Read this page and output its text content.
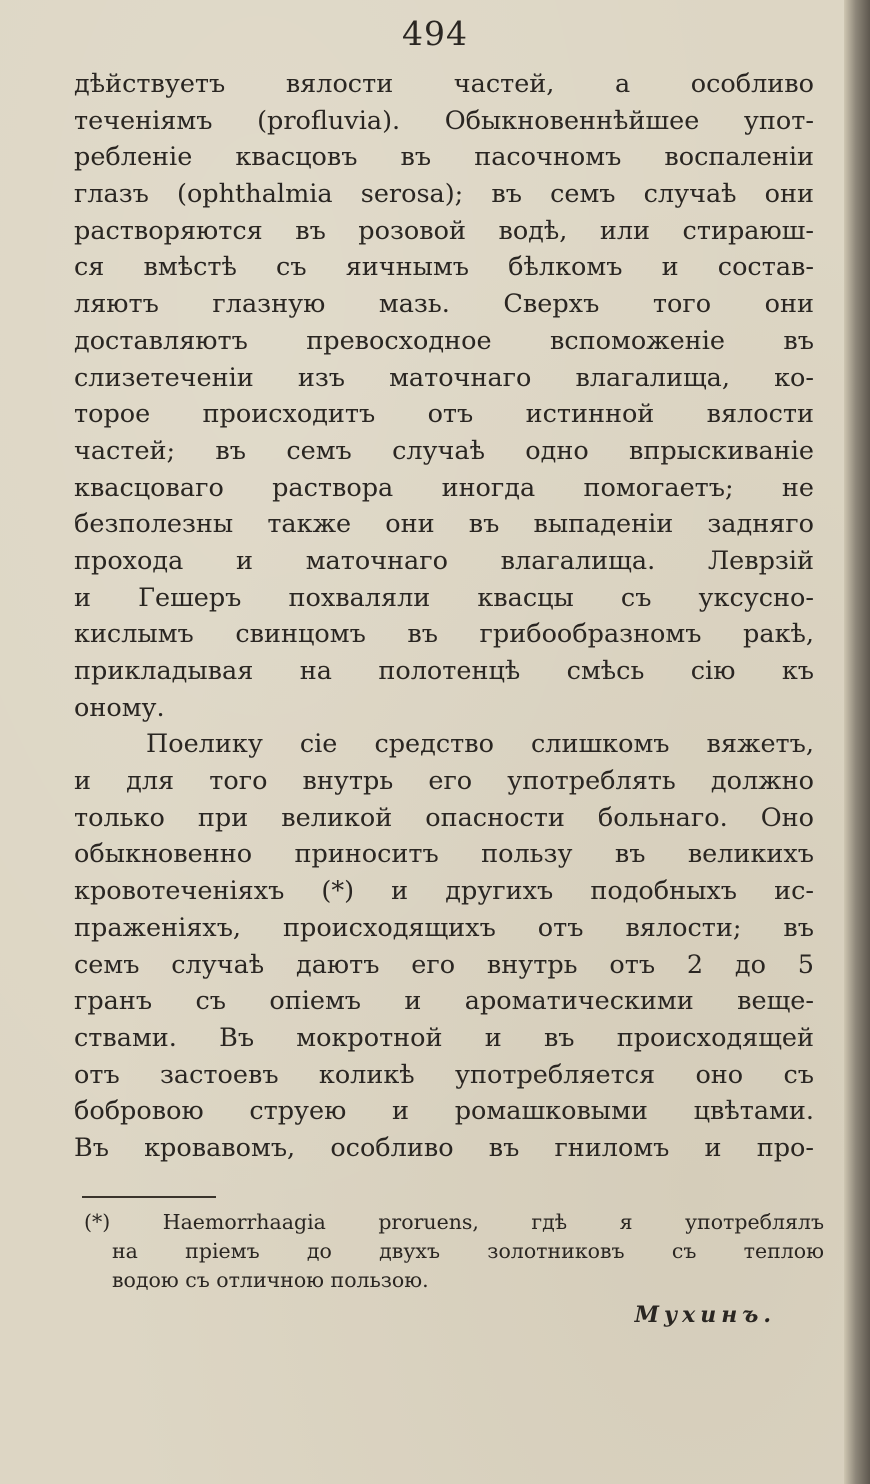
494
дѣйствуетъ вялости частей, а особливо
теченіямъ (profluvia). Обыкновеннѣйшее упот-
ребленіе квасцовъ въ пасочномъ воспаленіи
глазъ (ophthalmia serosa); въ семъ случаѣ они
растворяются въ розовой водѣ, или стираюш-
ся вмѣстѣ съ яичнымъ бѣлкомъ и состав-
ляютъ глазную мазь. Сверхъ того они
доставляютъ превосходное вспоможеніе въ
слизетеченіи изъ маточнаго влагалища, ко-
торое происходитъ отъ истинной вялости
частей; въ семъ случаѣ одно впрыскиваніе
квасцоваго раствора иногда помогаетъ; не
безполезны также они въ выпаденіи задняго
прохода и маточнаго влагалища. Леврзій
и Гешеръ похваляли квасцы съ уксусно-
кислымъ свинцомъ въ грибообразномъ ракѣ,
прикладывая на полотенцѣ смѣсь сію къ
оному.
Поелику сіе средство слишкомъ вяжетъ,
и для того внутрь его употреблять должно
только при великой опасности больнаго. Оно
обыкновенно приноситъ пользу въ великихъ
кровотеченіяхъ (*) и другихъ подобныхъ ис-
праженіяхъ, происходящихъ отъ вялости; въ
семъ случаѣ даютъ его внутрь отъ 2 до 5
гранъ съ опіемъ и ароматическими веще-
ствами. Въ мокротной и въ происходящей
отъ застоевъ коликѣ употребляется оно съ
бобровою струею и ромашковыми цвѣтами.
Въ кровавомъ, особливо въ гниломъ и про-
(*) Haemorrhaagia proruens, гдѣ я употреблялъ
на пріемъ до двухъ золотниковъ съ теплою
водою съ отличною пользою.
Мухинъ.
